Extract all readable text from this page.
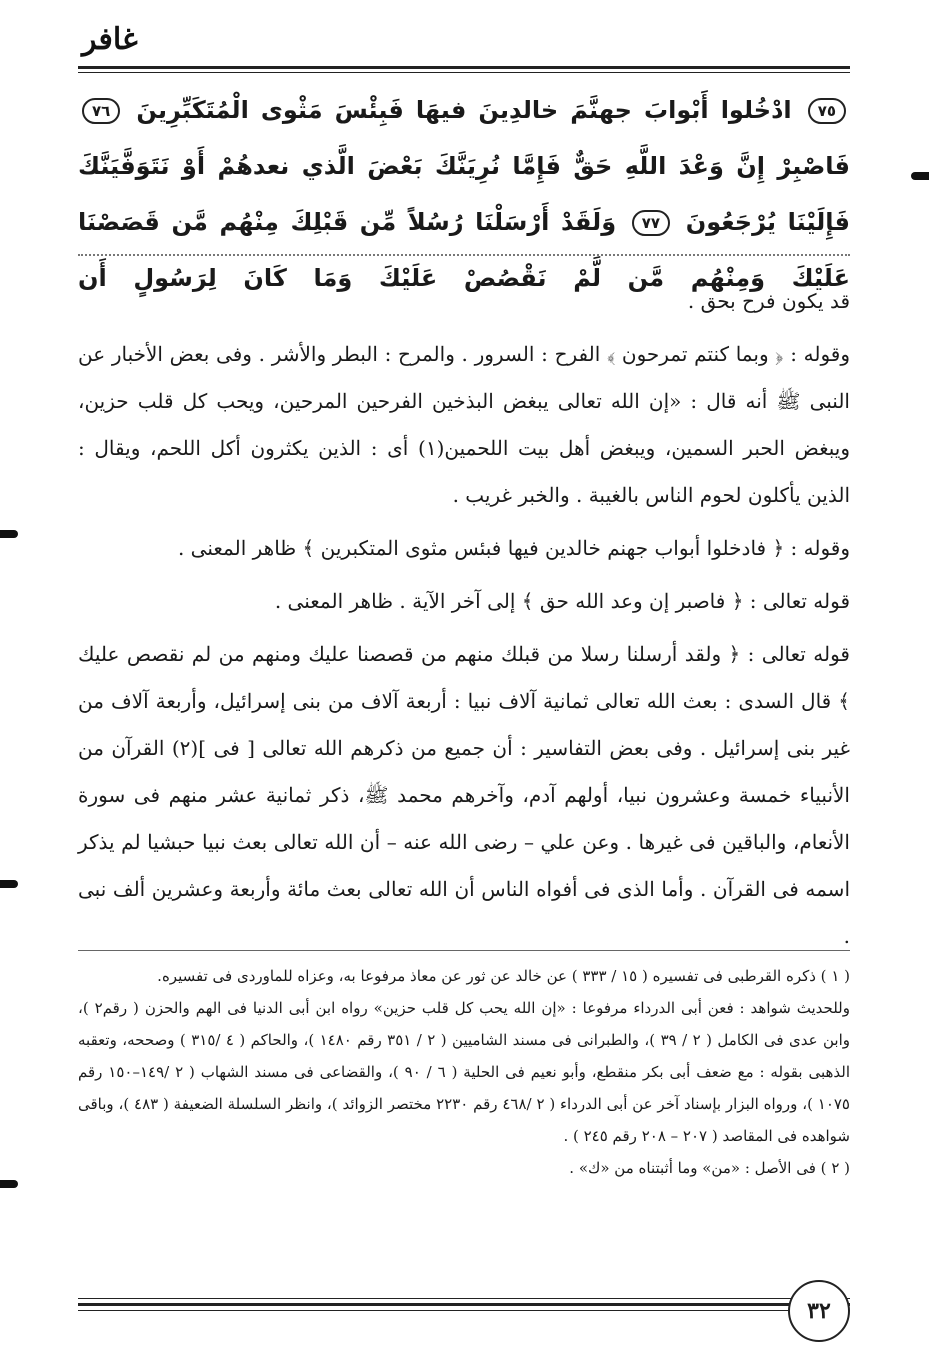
غافر
٧٥ ادْخُلوا أَبْوابَ جهنَّمَ خالدِينَ فيهَا فَبِئْسَ مَثْوى الْمُتَكَبِّرِينَ ٧٦ فَاصْبِرْ إِنَّ وَعْدَ اللَّهِ حَقٌّ فَإِمَّا نُرِيَنَّكَ بَعْضَ الَّذي نعدهُمْ أَوْ نَتَوَفَّيَنَّكَ فَإِلَيْنَا يُرْجَعُونَ ٧٧ وَلَقَدْ أَرْسَلْنَا رُسُلاً مِّن قَبْلِكَ مِنْهُم مَّن قَصَصْنَا عَلَيْكَ وَمِنْهُم مَّن لَّمْ نَقْصُصْ عَلَيْكَ وَمَا كَانَ لِرَسُولٍ أَن

قد يكون فرح بحق .

وقوله : ﴿ وبما كنتم تمرحون ﴾ الفرح : السرور . والمرح : البطر والأشر . وفى بعض الأخبار عن النبى ﷺ أنه قال : «إن الله تعالى يبغض البذخين الفرحين المرحين، ويحب كل قلب حزين، ويبغض الحبر السمين، ويبغض أهل بيت اللحمين(١) أى : الذين يكثرون أكل اللحم، ويقال : الذين يأكلون لحوم الناس بالغيبة . والخبر غريب .

وقوله : ﴿ فادخلوا أبواب جهنم خالدين فيها فبئس مثوى المتكبرين ﴾ ظاهر المعنى .

قوله تعالى : ﴿ فاصبر إن وعد الله حق ﴾ إلى آخر الآية . ظاهر المعنى .

قوله تعالى : ﴿ ولقد أرسلنا رسلا من قبلك منهم من قصصنا عليك ومنهم من لم نقصص عليك ﴾ قال السدى : بعث الله تعالى ثمانية آلاف نبيا : أربعة آلاف من بنى إسرائيل، وأربعة آلاف من غير بنى إسرائيل . وفى بعض التفاسير : أن جميع من ذكرهم الله تعالى [ فى ](٢) القرآن من الأنبياء خمسة وعشرون نبيا، أولهم آدم، وآخرهم محمد ﷺ، ذكر ثمانية عشر منهم فى سورة الأنعام، والباقين فى غيرها . وعن علي – رضى الله عنه – أن الله تعالى بعث نبيا حبشيا لم يذكر اسمه فى القرآن . وأما الذى فى أفواه الناس أن الله تعالى بعث مائة وأربعة وعشرين ألف نبى .

( ١ ) ذكره القرطبى فى تفسيره ( ١٥ / ٣٣٣ ) عن خالد عن ثور عن معاذ مرفوعا به، وعزاه للماوردى فى تفسيره.

وللحديث شواهد : فعن أبى الدرداء مرفوعا : «إن الله يحب كل قلب حزين» رواه ابن أبى الدنيا فى الهم والحزن ( رقم٢ )، وابن عدى فى الكامل ( ٢ / ٣٩ )، والطبرانى فى مسند الشاميين ( ٢ / ٣٥١ رقم ١٤٨٠ )، والحاكم ( ٤ /٣١٥ ) وصححه، وتعقبه الذهبى بقوله : مع ضعف أبى بكر منقطع، وأبو نعيم فى الحلية ( ٦ / ٩٠ )، والقضاعى فى مسند الشهاب ( ٢ /١٤٩–١٥٠ رقم ١٠٧٥ )، ورواه البزار بإسناد آخر عن أبى الدرداء ( ٢ /٤٦٨ رقم ٢٢٣٠ مختصر الزوائد )، وانظر السلسلة الضعيفة ( ٤٨٣ )، وباقى شواهده فى المقاصد ( ٢٠٧ – ٢٠٨ رقم ٢٤٥ ) .

( ٢ ) فى الأصل : «من» وما أثبتناه من «ك» .

٣٢
